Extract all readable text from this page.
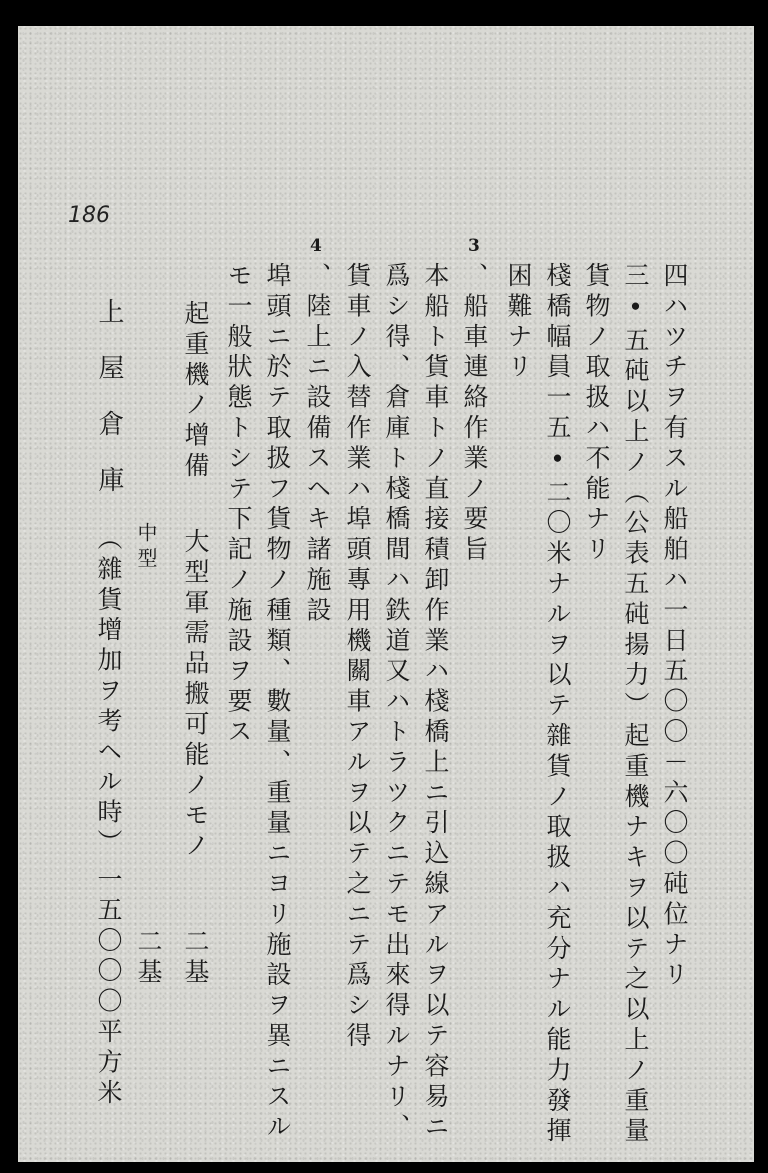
186
3
4
四ハツチヲ有スル船舶ハ一日五〇〇－六〇〇砘位ナリ
三•五砘以上ノ（公表五砘揚力）起重機ナキヲ以テ之以上ノ重量
貨物ノ取扱ハ不能ナリ
棧橋幅員一五•二〇米ナルヲ以テ雜貨ノ取扱ハ充分ナル能力發揮
困難ナリ
、船車連絡作業ノ要旨
本船ト貨車トノ直接積卸作業ハ棧橋上ニ引込線アルヲ以テ容易ニ
爲シ得、倉庫ト棧橋間ハ鉄道又ハトラツクニテモ出來得ルナリ、
貨車ノ入替作業ハ埠頭專用機關車アルヲ以テ之ニテ爲シ得
、陸上ニ設備スヘキ諸施設
埠頭ニ於テ取扱フ貨物ノ種類、數量、重量ニヨリ施設ヲ異ニスル
モ一般狀態トシテ下記ノ施設ヲ要ス
起重機ノ增備
大型軍需品搬可能ノモノ
二基
中型
二基
上屋倉庫
（雜貨增加ヲ考ヘル時）
一五〇〇〇平方米
